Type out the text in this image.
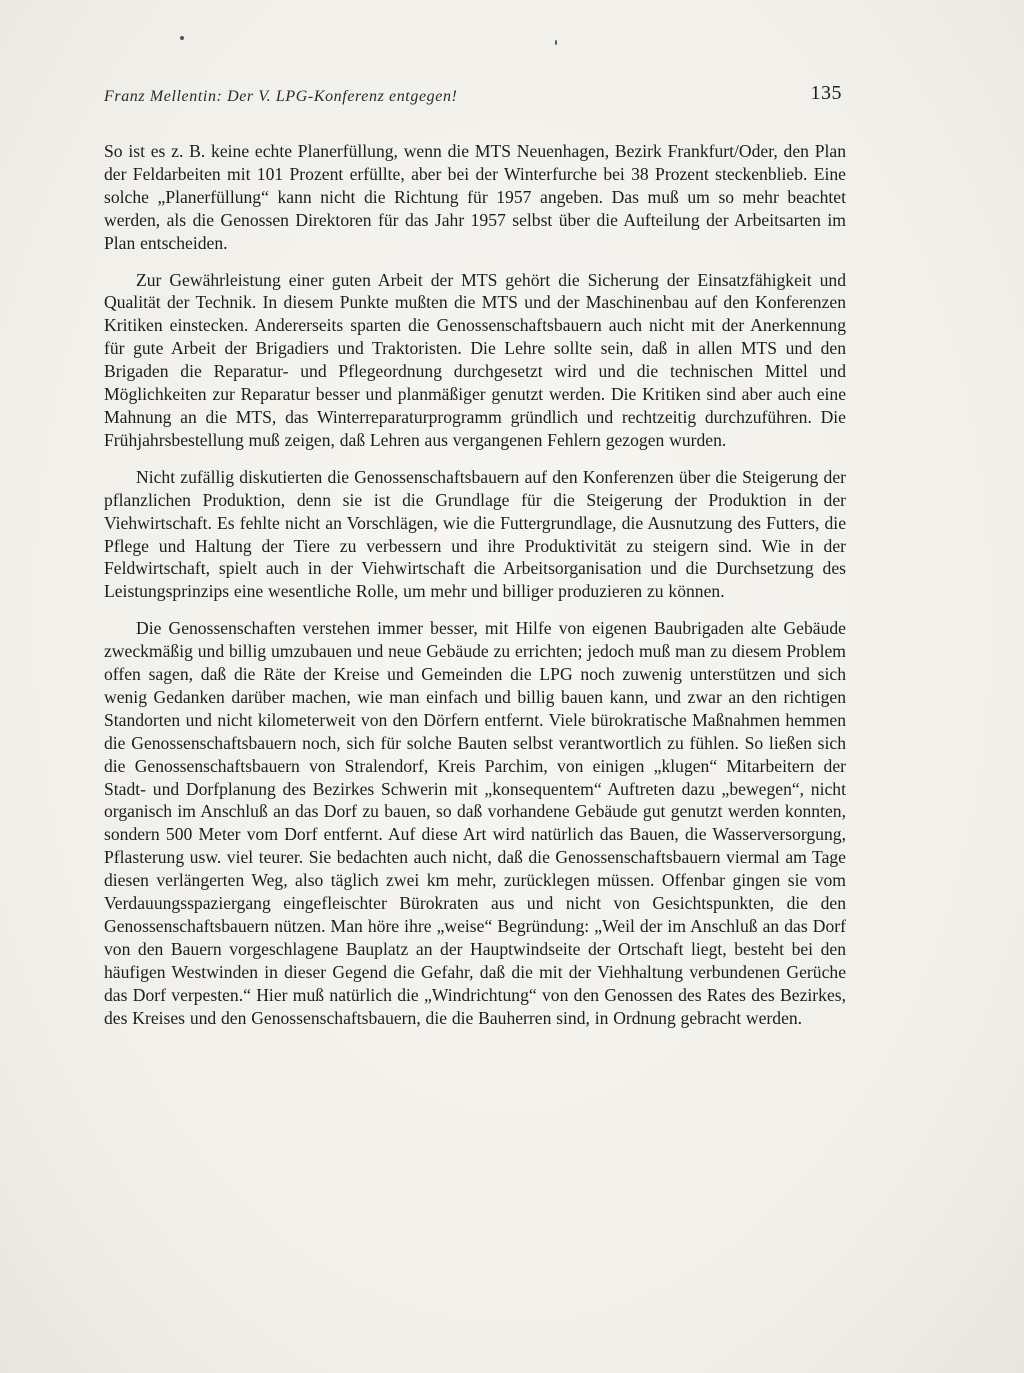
Franz Mellentin: Der V. LPG-Konferenz entgegen!	135

So ist es z. B. keine echte Planerfüllung, wenn die MTS Neuenhagen, Bezirk Frankfurt/Oder, den Plan der Feldarbeiten mit 101 Prozent erfüllte, aber bei der Winterfurche bei 38 Prozent steckenblieb. Eine solche „Planerfüllung“ kann nicht die Richtung für 1957 angeben. Das muß um so mehr beachtet werden, als die Genossen Direktoren für das Jahr 1957 selbst über die Aufteilung der Arbeitsarten im Plan entscheiden.

Zur Gewährleistung einer guten Arbeit der MTS gehört die Sicherung der Einsatzfähigkeit und Qualität der Technik. In diesem Punkte mußten die MTS und der Maschinenbau auf den Konferenzen Kritiken einstecken. Andererseits sparten die Genossenschaftsbauern auch nicht mit der Anerkennung für gute Arbeit der Brigadiers und Traktoristen. Die Lehre sollte sein, daß in allen MTS und den Brigaden die Reparatur- und Pflegeordnung durchgesetzt wird und die technischen Mittel und Möglichkeiten zur Reparatur besser und planmäßiger genutzt werden. Die Kritiken sind aber auch eine Mahnung an die MTS, das Winterreparaturprogramm gründlich und rechtzeitig durchzuführen. Die Frühjahrsbestellung muß zeigen, daß Lehren aus vergangenen Fehlern gezogen wurden.

Nicht zufällig diskutierten die Genossenschaftsbauern auf den Konferenzen über die Steigerung der pflanzlichen Produktion, denn sie ist die Grundlage für die Steigerung der Produktion in der Viehwirtschaft. Es fehlte nicht an Vorschlägen, wie die Futtergrundlage, die Ausnutzung des Futters, die Pflege und Haltung der Tiere zu verbessern und ihre Produktivität zu steigern sind. Wie in der Feldwirtschaft, spielt auch in der Viehwirtschaft die Arbeitsorganisation und die Durchsetzung des Leistungsprinzips eine wesentliche Rolle, um mehr und billiger produzieren zu können.

Die Genossenschaften verstehen immer besser, mit Hilfe von eigenen Baubrigaden alte Gebäude zweckmäßig und billig umzubauen und neue Gebäude zu errichten; jedoch muß man zu diesem Problem offen sagen, daß die Räte der Kreise und Gemeinden die LPG noch zuwenig unterstützen und sich wenig Gedanken darüber machen, wie man einfach und billig bauen kann, und zwar an den richtigen Standorten und nicht kilometerweit von den Dörfern entfernt. Viele bürokratische Maßnahmen hemmen die Genossenschaftsbauern noch, sich für solche Bauten selbst verantwortlich zu fühlen. So ließen sich die Genossenschaftsbauern von Stralendorf, Kreis Parchim, von einigen „klugen“ Mitarbeitern der Stadt- und Dorfplanung des Bezirkes Schwerin mit „konsequentem“ Auftreten dazu „bewegen“, nicht organisch im Anschluß an das Dorf zu bauen, so daß vorhandene Gebäude gut genutzt werden konnten, sondern 500 Meter vom Dorf entfernt. Auf diese Art wird natürlich das Bauen, die Wasserversorgung, Pflasterung usw. viel teurer. Sie bedachten auch nicht, daß die Genossenschaftsbauern viermal am Tage diesen verlängerten Weg, also täglich zwei km mehr, zurücklegen müssen. Offenbar gingen sie vom Verdauungsspaziergang eingefleischter Bürokraten aus und nicht von Gesichtspunkten, die den Genossenschaftsbauern nützen. Man höre ihre „weise“ Begründung: „Weil der im Anschluß an das Dorf von den Bauern vorgeschlagene Bauplatz an der Hauptwindseite der Ortschaft liegt, besteht bei den häufigen Westwinden in dieser Gegend die Gefahr, daß die mit der Viehhaltung verbundenen Gerüche das Dorf verpesten.“ Hier muß natürlich die „Windrichtung“ von den Genossen des Rates des Bezirkes, des Kreises und den Genossenschaftsbauern, die die Bauherren sind, in Ordnung gebracht werden.
